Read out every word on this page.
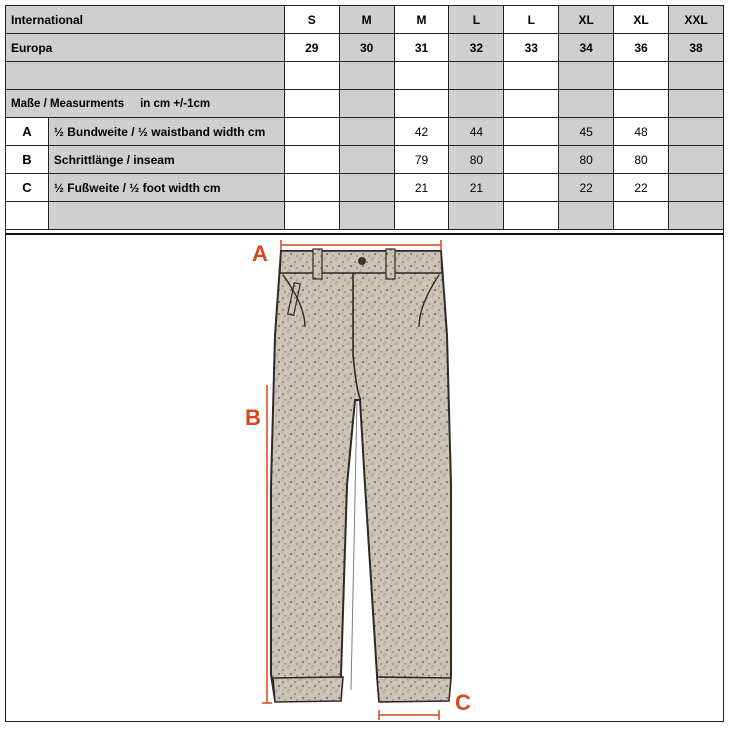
International		S	M	M	L	L	XL	XL	XXL
Europa		29	30	31	32	33	34	36	38

Maße / Measurments     in cm +/-1cm									
A	½ Bundweite / ½ waistband width cm			42	44		45	48	
B	Schrittlänge / inseam			79	80		80	80	
C	½ Fußweite / ½ foot width cm			21	21		22	22	

A
B
C
